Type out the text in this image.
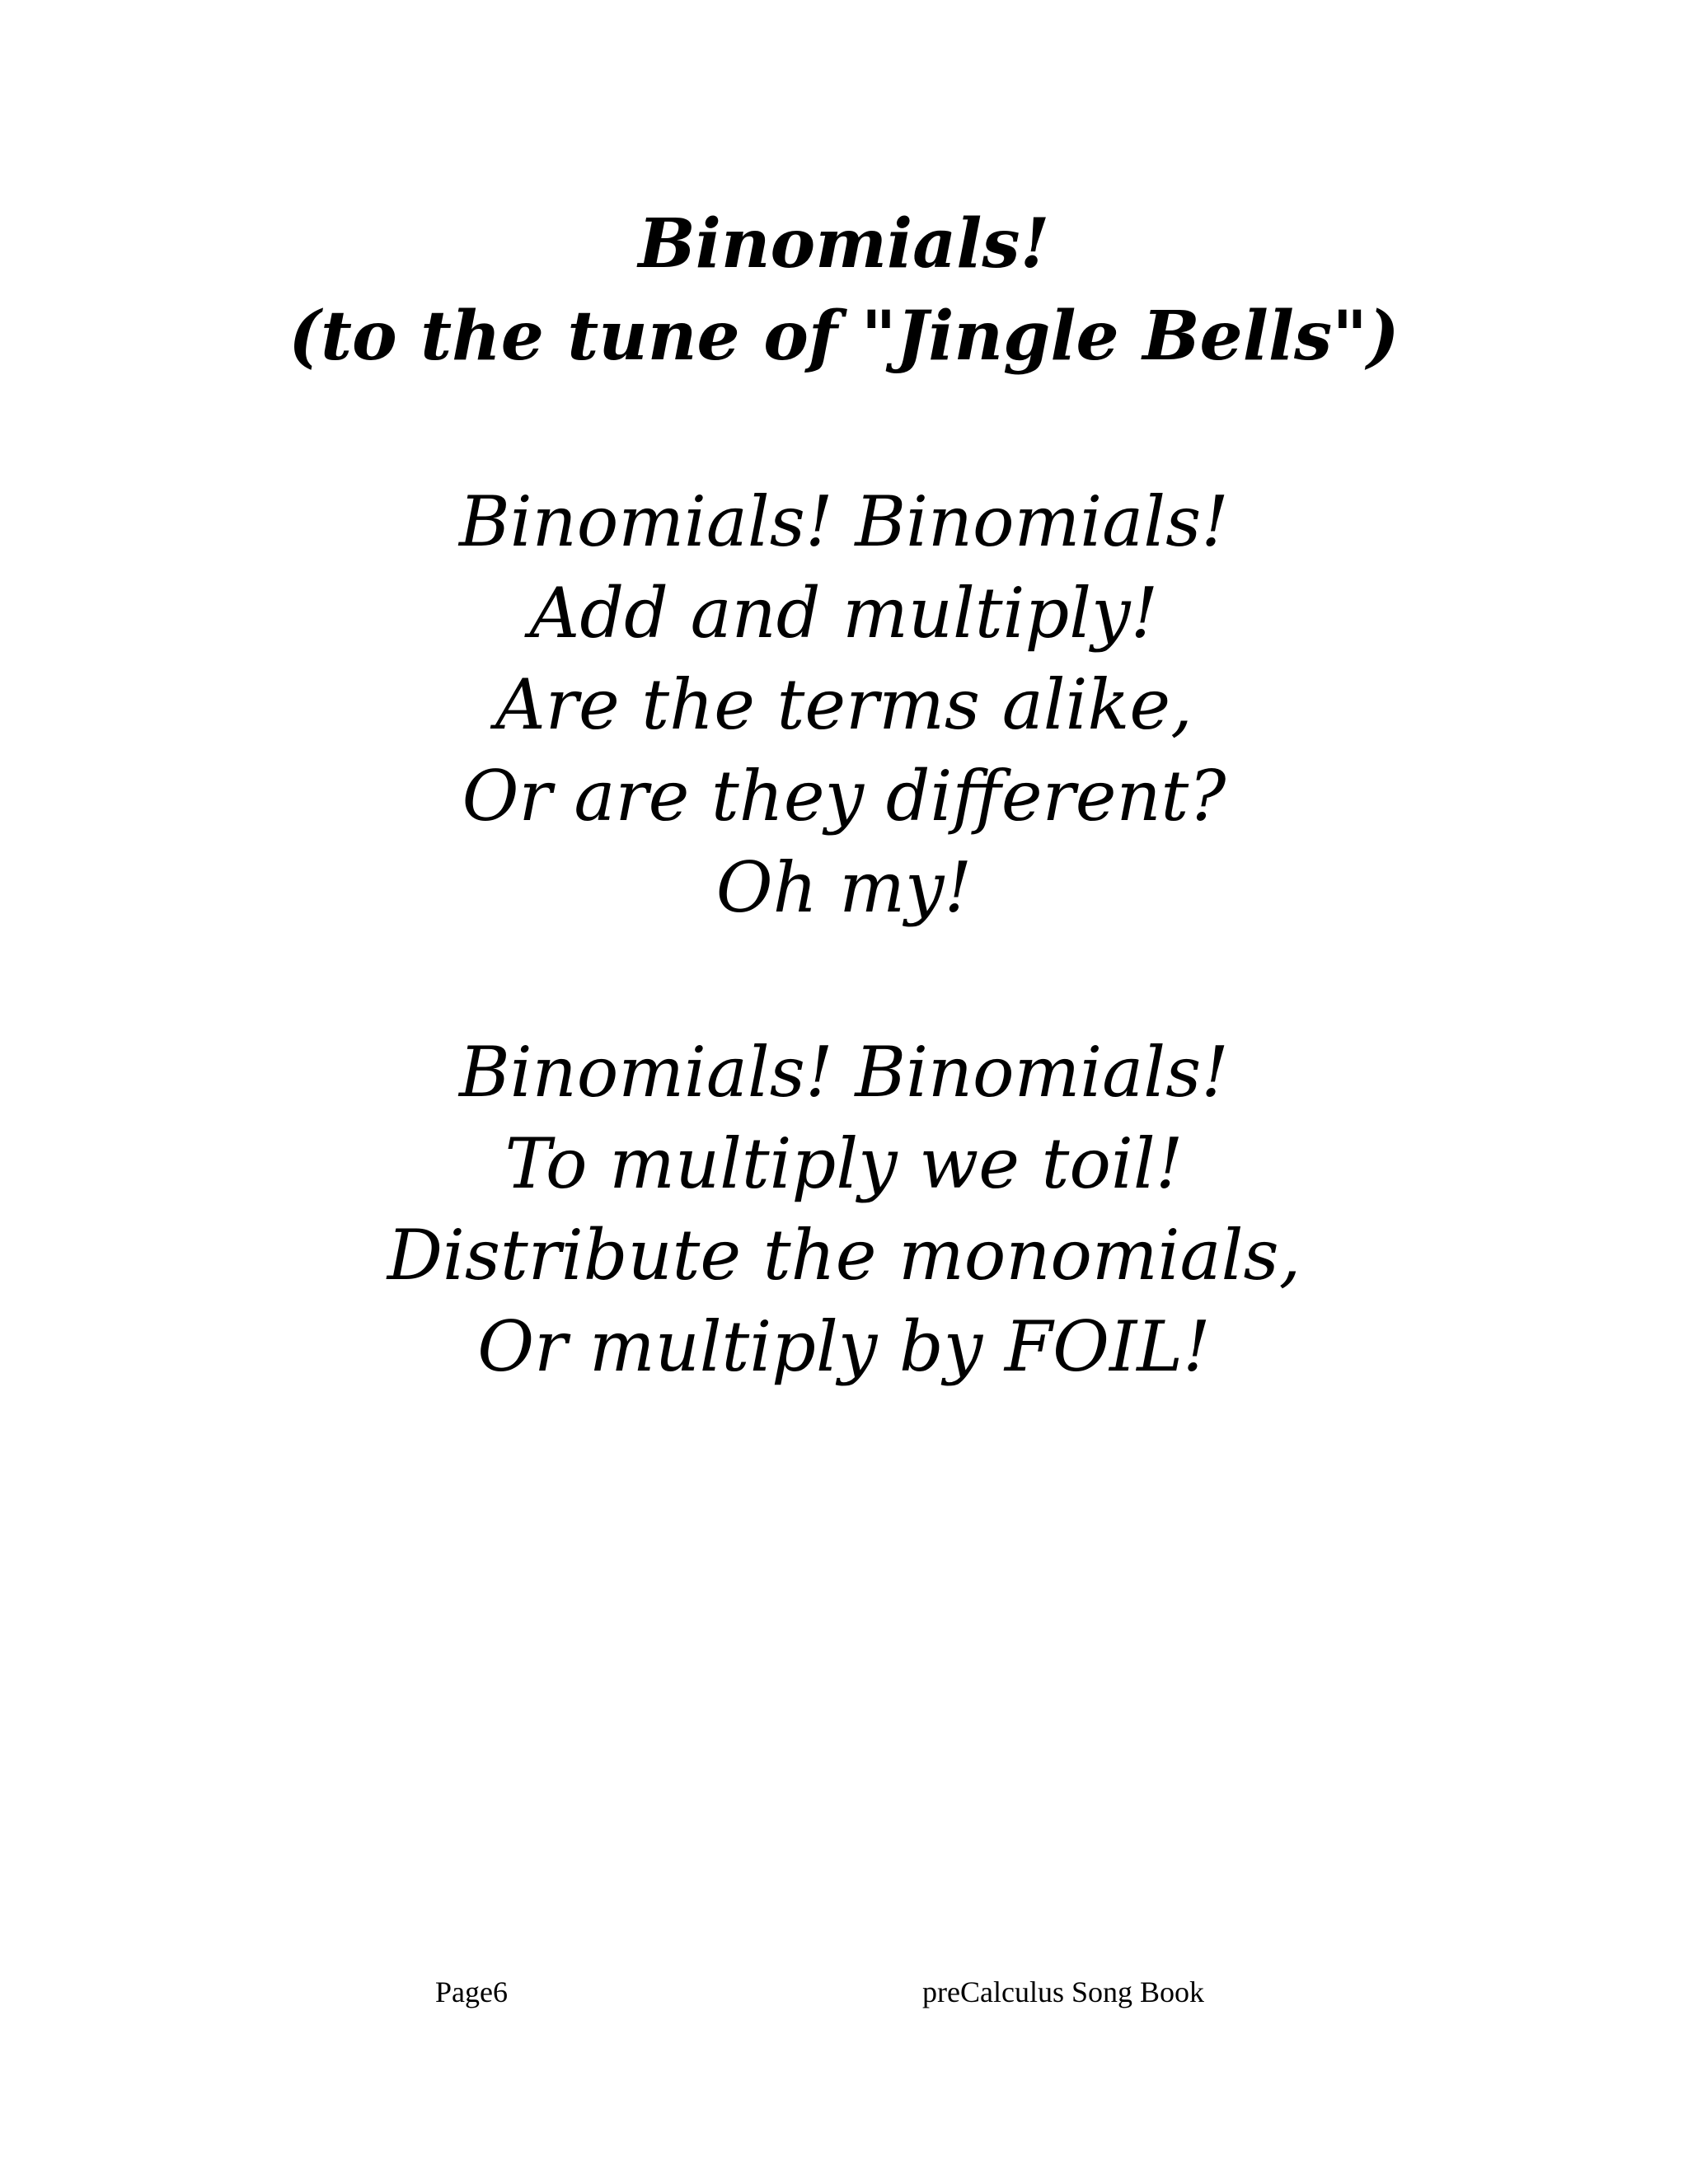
Binomials!
(to the tune of "Jingle Bells")
Binomials! Binomials!
Add and multiply!
Are the terms alike,
Or are they different?
Oh my!
Binomials! Binomials!
To multiply we toil!
Distribute the monomials,
Or multiply by FOIL!
Page6	preCalculus Song Book
